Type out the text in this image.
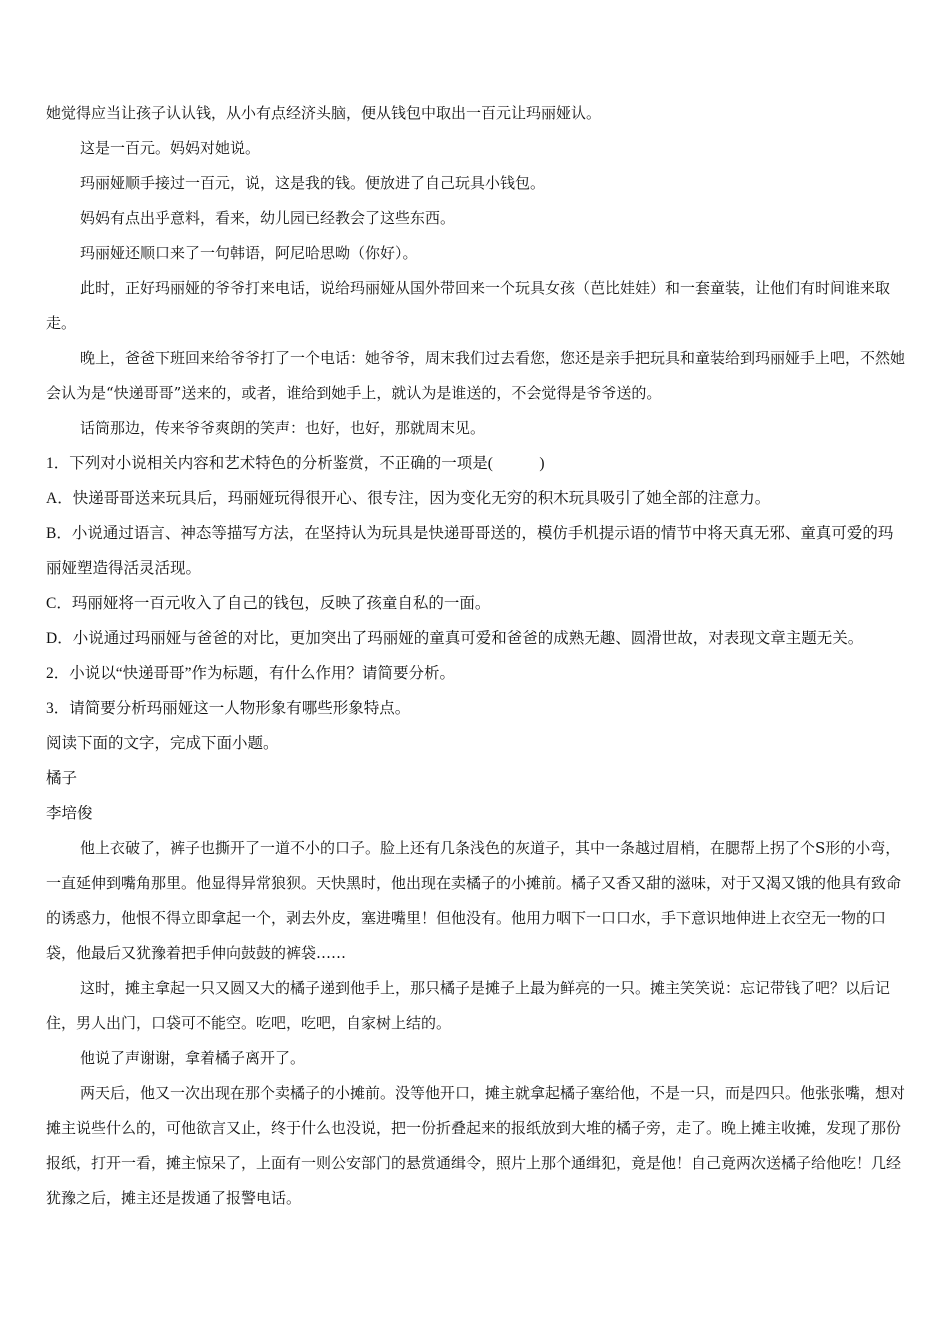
她觉得应当让孩子认认钱，从小有点经济头脑，便从钱包中取出一百元让玛丽娅认。

这是一百元。妈妈对她说。

玛丽娅顺手接过一百元，说，这是我的钱。便放进了自己玩具小钱包。

妈妈有点出乎意料，看来，幼儿园已经教会了这些东西。

玛丽娅还顺口来了一句韩语，阿尼哈思呦（你好）。

此时，正好玛丽娅的爷爷打来电话，说给玛丽娅从国外带回来一个玩具女孩（芭比娃娃）和一套童装，让他们有时间谁来取走。

晚上，爸爸下班回来给爷爷打了一个电话：她爷爷，周末我们过去看您，您还是亲手把玩具和童装给到玛丽娅手上吧，不然她会认为是“快递哥哥”送来的，或者，谁给到她手上，就认为是谁送的，不会觉得是爷爷送的。

话筒那边，传来爷爷爽朗的笑声：也好，也好，那就周末见。

1．下列对小说相关内容和艺术特色的分析鉴赏，不正确的一项是(　　　)

A．快递哥哥送来玩具后，玛丽娅玩得很开心、很专注，因为变化无穷的积木玩具吸引了她全部的注意力。

B．小说通过语言、神态等描写方法，在坚持认为玩具是快递哥哥送的，模仿手机提示语的情节中将天真无邪、童真可爱的玛丽娅塑造得活灵活现。

C．玛丽娅将一百元收入了自己的钱包，反映了孩童自私的一面。

D．小说通过玛丽娅与爸爸的对比，更加突出了玛丽娅的童真可爱和爸爸的成熟无趣、圆滑世故，对表现文章主题无关。

2．小说以“快递哥哥”作为标题，有什么作用？请简要分析。

3．请简要分析玛丽娅这一人物形象有哪些形象特点。

阅读下面的文字，完成下面小题。

橘子

李培俊

他上衣破了，裤子也撕开了一道不小的口子。脸上还有几条浅色的灰道子，其中一条越过眉梢，在腮帮上拐了个S形的小弯，一直延伸到嘴角那里。他显得异常狼狈。天快黑时，他出现在卖橘子的小摊前。橘子又香又甜的滋味，对于又渴又饿的他具有致命的诱惑力，他恨不得立即拿起一个，剥去外皮，塞进嘴里！但他没有。他用力咽下一口口水，手下意识地伸进上衣空无一物的口袋，他最后又犹豫着把手伸向鼓鼓的裤袋……

这时，摊主拿起一只又圆又大的橘子递到他手上，那只橘子是摊子上最为鲜亮的一只。摊主笑笑说：忘记带钱了吧？以后记住，男人出门，口袋可不能空。吃吧，吃吧，自家树上结的。

他说了声谢谢，拿着橘子离开了。

两天后，他又一次出现在那个卖橘子的小摊前。没等他开口，摊主就拿起橘子塞给他，不是一只，而是四只。他张张嘴，想对摊主说些什么的，可他欲言又止，终于什么也没说，把一份折叠起来的报纸放到大堆的橘子旁，走了。晚上摊主收摊，发现了那份报纸，打开一看，摊主惊呆了，上面有一则公安部门的悬赏通缉令，照片上那个通缉犯，竟是他！自己竟两次送橘子给他吃！几经犹豫之后，摊主还是拨通了报警电话。
